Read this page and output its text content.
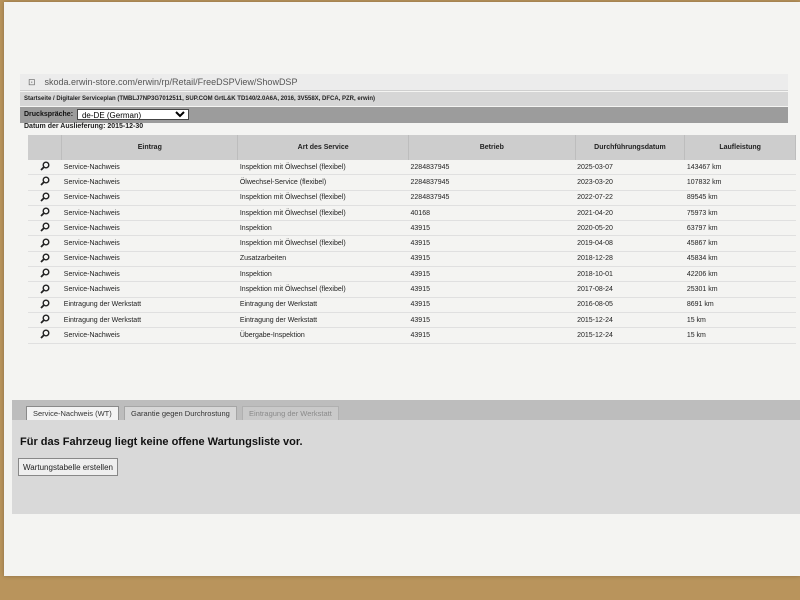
⊡ skoda.erwin-store.com/erwin/rp/Retail/FreeDSPView/ShowDSP
Startseite / Digitaler Serviceplan (TMBLJ7NP3G7012511, SUP.COM GrtL&K TD140/2.0A6A, 2016, 3V558X, DFCA, PZR, erwin)
Druckspräche:
de-DE (German)
Datum der Auslieferung: 2015-12-30
	Eintrag	Art des Service	Betrieb	Durchführungsdatum	Laufleistung
	Service-Nachweis	Inspektion mit Ölwechsel (flexibel)	2284837945	2025-03-07	143467 km
	Service-Nachweis	Ölwechsel-Service (flexibel)	2284837945	2023-03-20	107832 km
	Service-Nachweis	Inspektion mit Ölwechsel (flexibel)	2284837945	2022-07-22	89545 km
	Service-Nachweis	Inspektion mit Ölwechsel (flexibel)	40168	2021-04-20	75973 km
	Service-Nachweis	Inspektion	43915	2020-05-20	63797 km
	Service-Nachweis	Inspektion mit Ölwechsel (flexibel)	43915	2019-04-08	45867 km
	Service-Nachweis	Zusatzarbeiten	43915	2018-12-28	45834 km
	Service-Nachweis	Inspektion	43915	2018-10-01	42206 km
	Service-Nachweis	Inspektion mit Ölwechsel (flexibel)	43915	2017-08-24	25301 km
	Eintragung der Werkstatt	Eintragung der Werkstatt	43915	2016-08-05	8691 km
	Eintragung der Werkstatt	Eintragung der Werkstatt	43915	2015-12-24	15 km
	Service-Nachweis	Übergabe-Inspektion	43915	2015-12-24	15 km
Service-Nachweis (WT)	Garantie gegen Durchrostung	Eintragung der Werkstatt
Für das Fahrzeug liegt keine offene Wartungsliste vor.
Wartungstabelle erstellen
